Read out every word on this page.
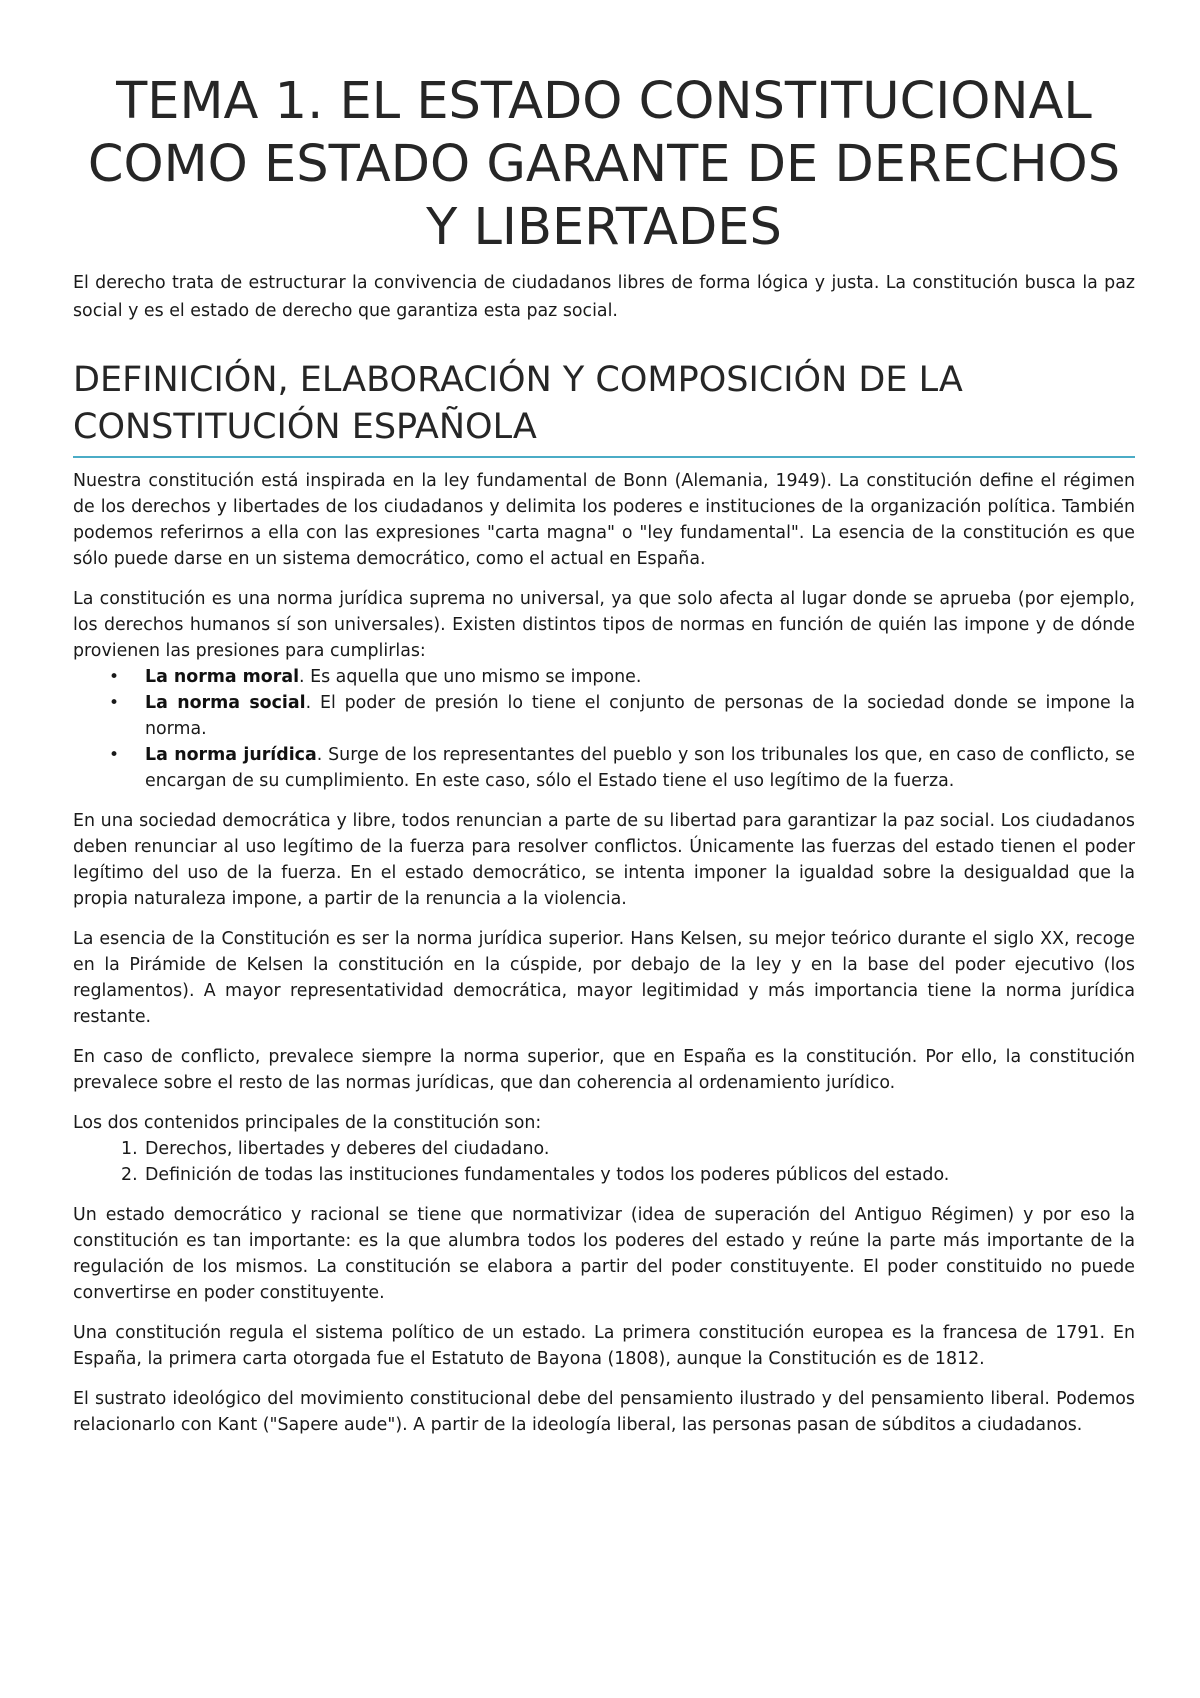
TEMA 1. EL ESTADO CONSTITUCIONAL COMO ESTADO GARANTE DE DERECHOS Y LIBERTADES

El derecho trata de estructurar la convivencia de ciudadanos libres de forma lógica y justa. La constitución busca la paz social y es el estado de derecho que garantiza esta paz social.

DEFINICIÓN, ELABORACIÓN Y COMPOSICIÓN DE LA CONSTITUCIÓN ESPAÑOLA

Nuestra constitución está inspirada en la ley fundamental de Bonn (Alemania, 1949). La constitución define el régimen de los derechos y libertades de los ciudadanos y delimita los poderes e instituciones de la organización política. También podemos referirnos a ella con las expresiones "carta magna" o "ley fundamental". La esencia de la constitución es que sólo puede darse en un sistema democrático, como el actual en España.

La constitución es una norma jurídica suprema no universal, ya que solo afecta al lugar donde se aprueba (por ejemplo, los derechos humanos sí son universales). Existen distintos tipos de normas en función de quién las impone y de dónde provienen las presiones para cumplirlas:

• La norma moral. Es aquella que uno mismo se impone.
• La norma social. El poder de presión lo tiene el conjunto de personas de la sociedad donde se impone la norma.
• La norma jurídica. Surge de los representantes del pueblo y son los tribunales los que, en caso de conflicto, se encargan de su cumplimiento. En este caso, sólo el Estado tiene el uso legítimo de la fuerza.

En una sociedad democrática y libre, todos renuncian a parte de su libertad para garantizar la paz social. Los ciudadanos deben renunciar al uso legítimo de la fuerza para resolver conflictos. Únicamente las fuerzas del estado tienen el poder legítimo del uso de la fuerza. En el estado democrático, se intenta imponer la igualdad sobre la desigualdad que la propia naturaleza impone, a partir de la renuncia a la violencia.

La esencia de la Constitución es ser la norma jurídica superior. Hans Kelsen, su mejor teórico durante el siglo XX, recoge en la Pirámide de Kelsen la constitución en la cúspide, por debajo de la ley y en la base del poder ejecutivo (los reglamentos). A mayor representatividad democrática, mayor legitimidad y más importancia tiene la norma jurídica restante.

En caso de conflicto, prevalece siempre la norma superior, que en España es la constitución. Por ello, la constitución prevalece sobre el resto de las normas jurídicas, que dan coherencia al ordenamiento jurídico.

Los dos contenidos principales de la constitución son:

1. Derechos, libertades y deberes del ciudadano.
2. Definición de todas las instituciones fundamentales y todos los poderes públicos del estado.

Un estado democrático y racional se tiene que normativizar (idea de superación del Antiguo Régimen) y por eso la constitución es tan importante: es la que alumbra todos los poderes del estado y reúne la parte más importante de la regulación de los mismos. La constitución se elabora a partir del poder constituyente. El poder constituido no puede convertirse en poder constituyente.

Una constitución regula el sistema político de un estado. La primera constitución europea es la francesa de 1791. En España, la primera carta otorgada fue el Estatuto de Bayona (1808), aunque la Constitución es de 1812.

El sustrato ideológico del movimiento constitucional debe del pensamiento ilustrado y del pensamiento liberal. Podemos relacionarlo con Kant ("Sapere aude"). A partir de la ideología liberal, las personas pasan de súbditos a ciudadanos.
